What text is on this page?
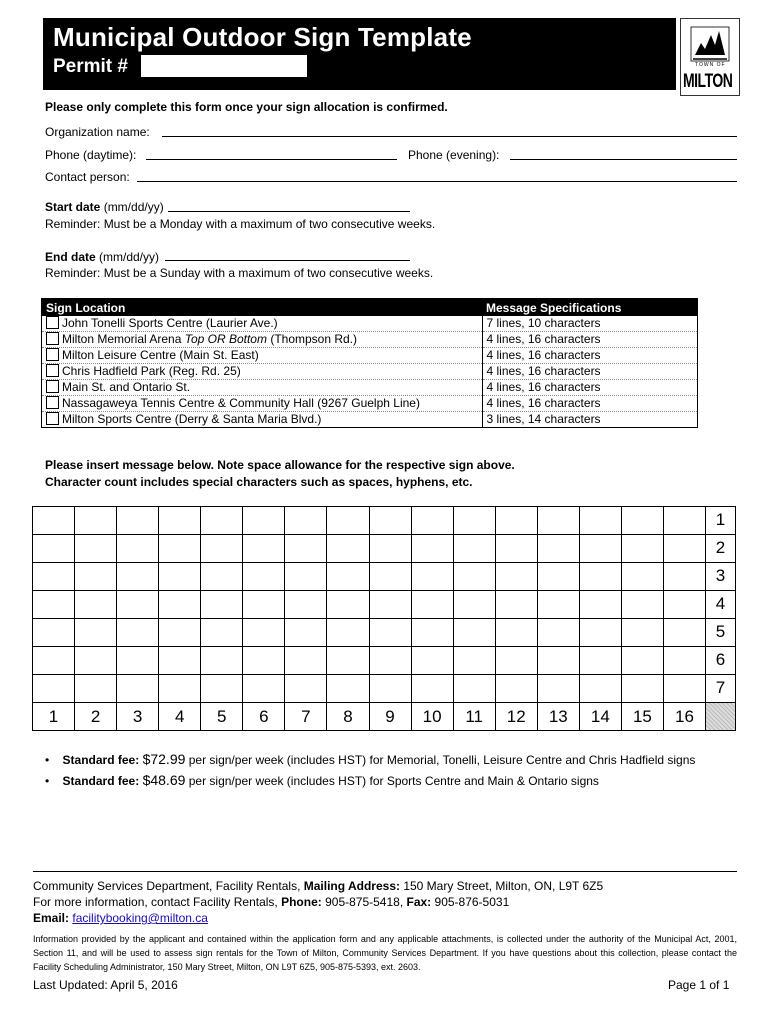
Municipal Outdoor Sign Template
Permit #	TOWN OF
MILTON
Please only complete this form once your sign allocation is confirmed.
Organization name:
Phone (daytime):	Phone (evening):
Contact person:
Start date (mm/dd/yy)
Reminder: Must be a Monday with a maximum of two consecutive weeks.
End date (mm/dd/yy)
Reminder: Must be a Sunday with a maximum of two consecutive weeks.
Sign Location	Message Specifications
John Tonelli Sports Centre (Laurier Ave.)	7 lines, 10 characters
Milton Memorial Arena Top OR Bottom (Thompson Rd.)	4 lines, 16 characters
Milton Leisure Centre (Main St. East)	4 lines, 16 characters
Chris Hadfield Park (Reg. Rd. 25)	4 lines, 16 characters
Main St. and Ontario St.	4 lines, 16 characters
Nassagaweya Tennis Centre & Community Hall (9267 Guelph Line)	4 lines, 16 characters
Milton Sports Centre (Derry & Santa Maria Blvd.)	3 lines, 14 characters
Please insert message below. Note space allowance for the respective sign above.
Character count includes special characters such as spaces, hyphens, etc.
1
2
3
4
5
6
7
1	2	3	4	5	6	7	8	9	10	11	12	13	14	15	16
•    Standard fee: $72.99 per sign/per week (includes HST) for Memorial, Tonelli, Leisure Centre and Chris Hadfield signs
•    Standard fee: $48.69 per sign/per week (includes HST) for Sports Centre and Main & Ontario signs
Community Services Department, Facility Rentals, Mailing Address: 150 Mary Street, Milton, ON, L9T 6Z5
For more information, contact Facility Rentals, Phone: 905-875-5418, Fax: 905-876-5031
Email: facilitybooking@milton.ca
Information provided by the applicant and contained within the application form and any applicable attachments, is collected under the authority of the Municipal Act, 2001, Section 11, and will be used to assess sign rentals for the Town of Milton, Community Services Department. If you have questions about this collection, please contact the Facility Scheduling Administrator, 150 Mary Street, Milton, ON L9T 6Z5, 905-875-5393, ext. 2603.
Last Updated: April 5, 2016	Page 1 of 1
